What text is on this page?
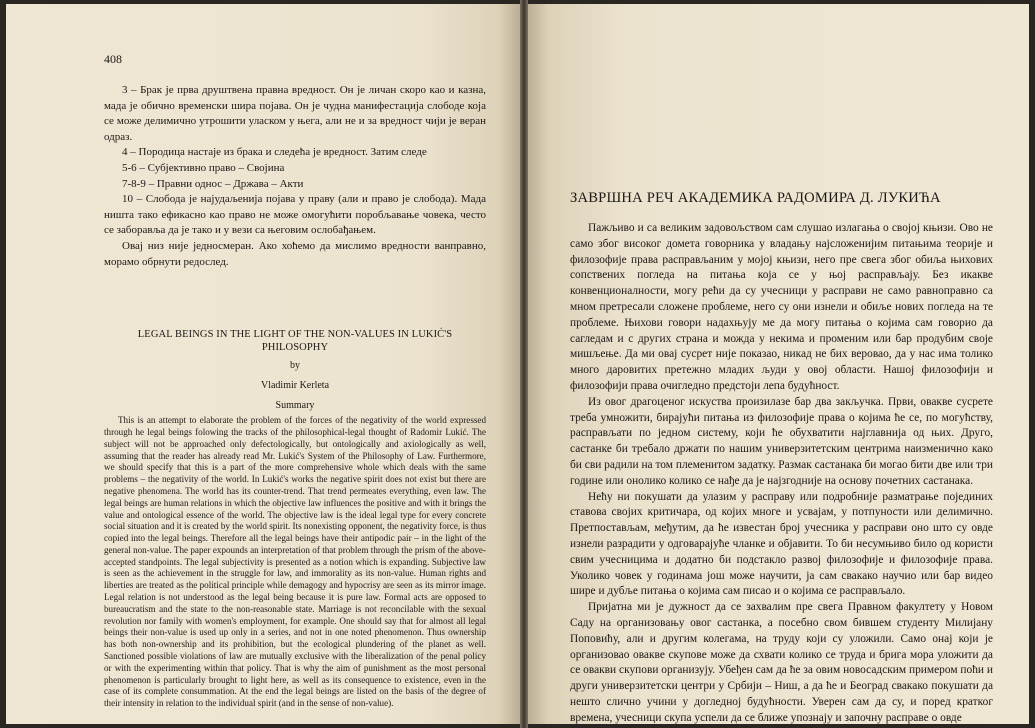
408

3 – Брак је прва друштвена правна вредност. Он је личан скоро као и казна, мада је обично временски шира појава. Он је чудна манифестација слободе која се може делимично утрошити уласком у њега, али не и за вредност чији је веран одраз.

4 – Породица настаје из брака и следећа је вредност. Затим следе

5-6 – Субјективно право – Својина

7-8-9 – Правни однос – Држава – Акти

10 – Слобода је најудаљенија појава у праву (али и право је слобода). Мада ништа тако ефикасно као право не може омогућити поробљавање човека, често се заборавља да је тако и у вези са његовим ослобађањем.

Овај низ није једносмеран. Ако хоћемо да мислимо вредности ванправно, морамо обрнути редослед.

LEGAL BEINGS IN THE LIGHT OF THE NON-VALUES IN LUKIĆ'S PHILOSOPHY
by
Vladimir Kerleta
Summary

This is an attempt to elaborate the problem of the forces of the negativity of the world expressed through he legal beings folowing the tracks of the philosophical-legal thought of Radomir Lukić. The subject will not be approached only defectologically, but ontologically and axiologically as well, assuming that the reader has already read Mr. Lukić's System of the Philosophy of Law. Furthermore, we should specify that this is a part of the more comprehensive whole which deals with the same problems – the negativity of the world. In Lukić's works the negative spirit does not exist but there are negative phenomena. The world has its counter-trend. That trend permeates everything, even law. The legal beings are human relations in which the objective law influences the positive and with it brings the value and ontological essence of the world. The objective law is the ideal legal type for every concrete social situation and it is created by the world spirit. Its nonexisting opponent, the negativity force, is thus copied into the legal beings. Therefore all the legal beings have their antipodic pair – in the light of the general non-value. The paper expounds an interpretation of that problem through the prism of the above-accepted standpoints. The legal subjectivity is presented as a notion which is expanding. Subjective law is seen as the achievement in the struggle for law, and immorality as its non-value. Human rights and liberties are treated as the political principle while demagogy and hypocrisy are seen as its mirror image. Legal relation is not understood as the legal being because it is pure law. Formal acts are opposed to bureaucratism and the state to the non-reasonable state. Marriage is not reconcilable with the sexual revolution nor family with women's employment, for example. One should say that for almost all legal beings their non-value is used up only in a series, and not in one noted phenomenon. Thus ownership has both non-ownership and its prohibition, but the ecological plundering of the planet as well. Sanctioned possible violations of law are mutually exclusive with the liberalization of the penal policy or with the experimenting within that policy. That is why the aim of punishment as the most personal phenomenon is particularly brought to light here, as well as its consequence to existence, even in the case of its complete consummation. At the end the legal beings are listed on the basis of the degree of their intensity in relation to the individual spirit (and in the sense of non-value).

ЗАВРШНА РЕЧ АКАДЕМИКА РАДОМИРА Д. ЛУКИЋА

Пажљиво и са великим задовољством сам слушао излагања о својој књизи. Ово не само због високог домета говорника у владању најсложенијим питањима теорије и филозофије права расправљаним у мојој књизи, него пре свега због обиља њихових сопствених погледа на питања која се у њој расправљају. Без икакве конвенционалности, могу рећи да су учесници у расправи не само равноправно са мном претресали сложене проблеме, него су они изнели и обиље нових погледа на те проблеме. Њихови говори надахњују ме да могу питања о којима сам говорио да сагледам и с других страна и можда у некима и променим или бар продубим своје мишљење. Да ми овај сусрет није показао, никад не бих веровао, да у нас има толико много даровитих претежно младих људи у овој области. Нашој филозофији и филозофији права очигледно предстоји лепа будућност.

Из овог драгоценог искуства произилазе бар два закључка. Први, овакве сусрете треба умножити, бирајући питања из филозофије права о којима ће се, по могућству, расправљати по једном систему, који ће обухватити најглавнија од њих. Друго, састанке би требало држати по нашим универзитетским центрима наизменично како би сви радили на том племенитом задатку. Размак састанака би могао бити две или три године или онолико колико се нађе да је најзгодније на основу почетних састанака.

Нећу ни покушати да улазим у расправу или подробније разматрање појединих ставова својих критичара, од којих многе и усвајам, у потпуности или делимично. Претпостављам, међутим, да ће известан број учесника у расправи оно што су овде изнели разрадити у одговарајуће чланке и објавити. То би несумњиво било од користи свим учесницима и додатно би подстакло развој филозофије и филозофије права. Уколико човек у годинама још може научити, ја сам свакако научио или бар видео шире и дубље питања о којима сам писао и о којима се расправљало.

Пријатна ми је дужност да се захвалим пре свега Правном факултету у Новом Саду на организовању овог састанка, а посебно свом бившем студенту Милијану Поповићу, али и другим колегама, на труду који су уложили. Само онај који је организовао овакве скупове може да схвати колико се труда и брига мора уложити да се овакви скупови организују. Убеђен сам да ће за овим новосадским примером поћи и други универзитетски центри у Србији – Ниш, а да ће и Београд свакако покушати да нешто слично учини у догледној будућности. Уверен сам да су, и поред кратког времена, учесници скупа успели да се ближе упознају и започну расправе о овде
